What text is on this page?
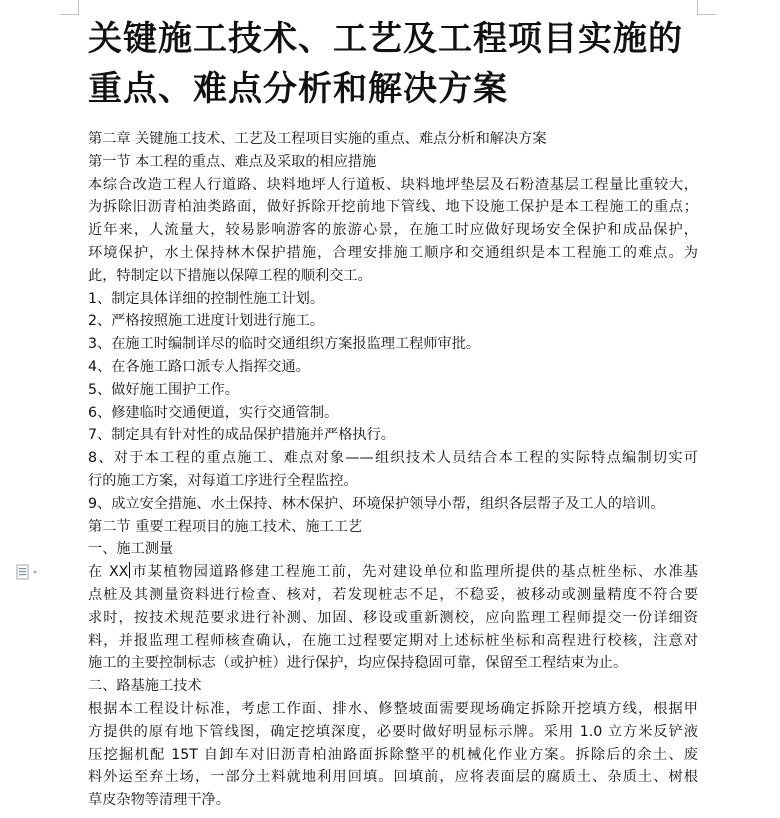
关键施工技术、工艺及工程项目实施的
重点、难点分析和解决方案
第二章 关键施工技术、工艺及工程项目实施的重点、难点分析和解决方案
第一节 本工程的重点、难点及采取的相应措施
本综合改造工程人行道路、块料地坪人行道板、块料地坪垫层及石粉渣基层工程量比重较大，
为拆除旧沥青柏油类路面，做好拆除开挖前地下管线、地下设施工保护是本工程施工的重点；
近年来，人流量大，较易影响游客的旅游心景，在施工时应做好现场安全保护和成品保护，
环境保护，水土保持林木保护措施，合理安排施工顺序和交通组织是本工程施工的难点。为
此，特制定以下措施以保障工程的顺利交工。
1、制定具体详细的控制性施工计划。
2、严格按照施工进度计划进行施工。
3、在施工时编制详尽的临时交通组织方案报监理工程师审批。
4、在各施工路口派专人指挥交通。
5、做好施工围护工作。
6、修建临时交通便道，实行交通管制。
7、制定具有针对性的成品保护措施并严格执行。
8、对于本工程的重点施工、难点对象——组织技术人员结合本工程的实际特点编制切实可
行的施工方案，对每道工序进行全程监控。
9、成立安全措施、水土保持、林木保护、环境保护领导小帮，组织各层帮子及工人的培训。
第二节 重要工程项目的施工技术、施工工艺
一、施工测量
在 XX 市某植物园道路修建工程施工前，先对建设单位和监理所提供的基点桩坐标、水准基
点桩及其测量资料进行检查、核对，若发现桩志不足，不稳妥，被移动或测量精度不符合要
求时，按技术规范要求进行补测、加固、移设或重新测校，应向监理工程师提交一份详细资
料，并报监理工程师核查确认，在施工过程要定期对上述标桩坐标和高程进行校核，注意对
施工的主要控制标志（或护桩）进行保护，均应保持稳固可靠，保留至工程结束为止。
二、路基施工技术
根据本工程设计标准，考虑工作面、排水、修整坡面需要现场确定拆除开挖填方线，根据甲
方提供的原有地下管线图，确定挖填深度，必要时做好明显标示牌。采用 1.0 立方米反铲液
压挖掘机配 15T 自卸车对旧沥青柏油路面拆除整平的机械化作业方案。拆除后的余土、废
料外运至弃土场，一部分土料就地利用回填。回填前，应将表面层的腐质土、杂质土、树根
草皮杂物等清理干净。
